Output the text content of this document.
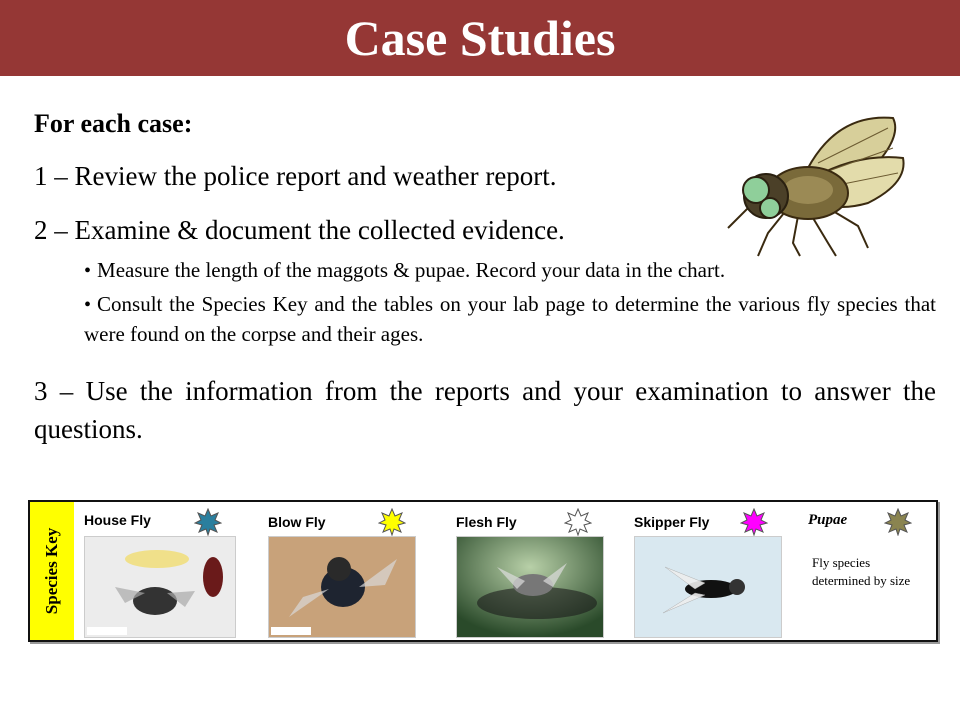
Case Studies
For each case:
1 – Review the police report and weather report.
2 – Examine & document the collected evidence.
• Measure the length of the maggots & pupae. Record your data in the chart.
• Consult the Species Key and the tables on your lab page to determine the various fly species that were found on the corpse and their ages.
3 – Use the information from the reports and your examination to answer the questions.
Species Key
House Fly	Blow Fly	Flesh Fly	Skipper Fly	Pupae
Fly species determined by size
